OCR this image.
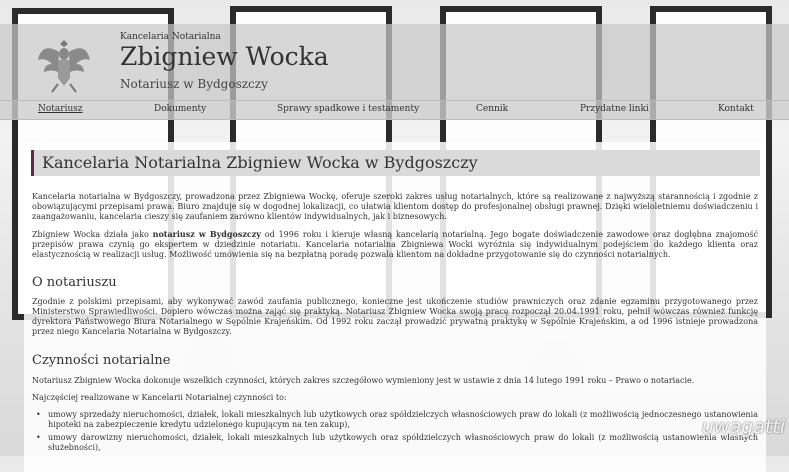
Kancelaria Notarialna
Zbigniew Wocka
Notariusz w Bydgoszczy
Notariusz	Dokumenty	Sprawy spadkowe i testamenty	Cennik	Przydatne linki	Kontakt
Kancelaria Notarialna Zbigniew Wocka w Bydgoszczy

Kancelaria notarialna w Bydgoszczy, prowadzona przez Zbigniewa Wockę, oferuje szeroki zakres usług notarialnych, które są realizowane z najwyższą starannością i zgodnie z obowiązującymi przepisami prawa. Biuro znajduje się w dogodnej lokalizacji, co ułatwia klientom dostęp do profesjonalnej obsługi prawnej. Dzięki wieloletniemu doświadczeniu i zaangażowaniu, kancelaria cieszy się zaufaniem zarówno klientów indywidualnych, jak i biznesowych.

Zbigniew Wocka działa jako notariusz w Bydgoszczy od 1996 roku i kieruje własną kancelarią notarialną. Jego bogate doświadczenie zawodowe oraz dogłębna znajomość przepisów prawa czynią go ekspertem w dziedzinie notariatu. Kancelaria notarialna Zbigniewa Wocki wyróżnia się indywidualnym podejściem do każdego klienta oraz elastycznością w realizacji usług. Możliwość umówienia się na bezpłatną poradę pozwala klientom na dokładne przygotowanie się do czynności notarialnych.

O notariuszu

Zgodnie z polskimi przepisami, aby wykonywać zawód zaufania publicznego, konieczne jest ukończenie studiów prawniczych oraz zdanie egzaminu przygotowanego przez Ministerstwo Sprawiedliwości. Dopiero wówczas można zająć się praktyką. Notariusz Zbigniew Wocka swoją pracę rozpoczął 20.04.1991 roku, pełnił wówczas również funkcję dyrektora Państwowego Biura Notarialnego w Sępólnie Krajeńskim. Od 1992 roku zaczął prowadzić prywatną praktykę w Sępólnie Krajeńskim, a od 1996 istnieje prowadzona przez niego Kancelaria Notarialna w Bydgoszczy.

Czynności notarialne

Notariusz Zbigniew Wocka dokonuje wszelkich czynności, których zakres szczegółowo wymieniony jest w ustawie z dnia 14 lutego 1991 roku – Prawo o notariacie.

Najczęściej realizowane w Kancelarii Notarialnej czynności to:

• umowy sprzedaży nieruchomości, działek, lokali mieszkalnych lub użytkowych oraz spółdzielczych własnościowych praw do lokali (z możliwością jednoczesnego ustanowienia hipoteki na zabezpieczenie kredytu udzielonego kupującym na ten zakup),
• umowy darowizny nieruchomości, działek, lokali mieszkalnych lub użytkowych oraz spółdzielczych własnościowych praw do lokali (z możliwością ustanowienia własnych służebności),
uwagatti
